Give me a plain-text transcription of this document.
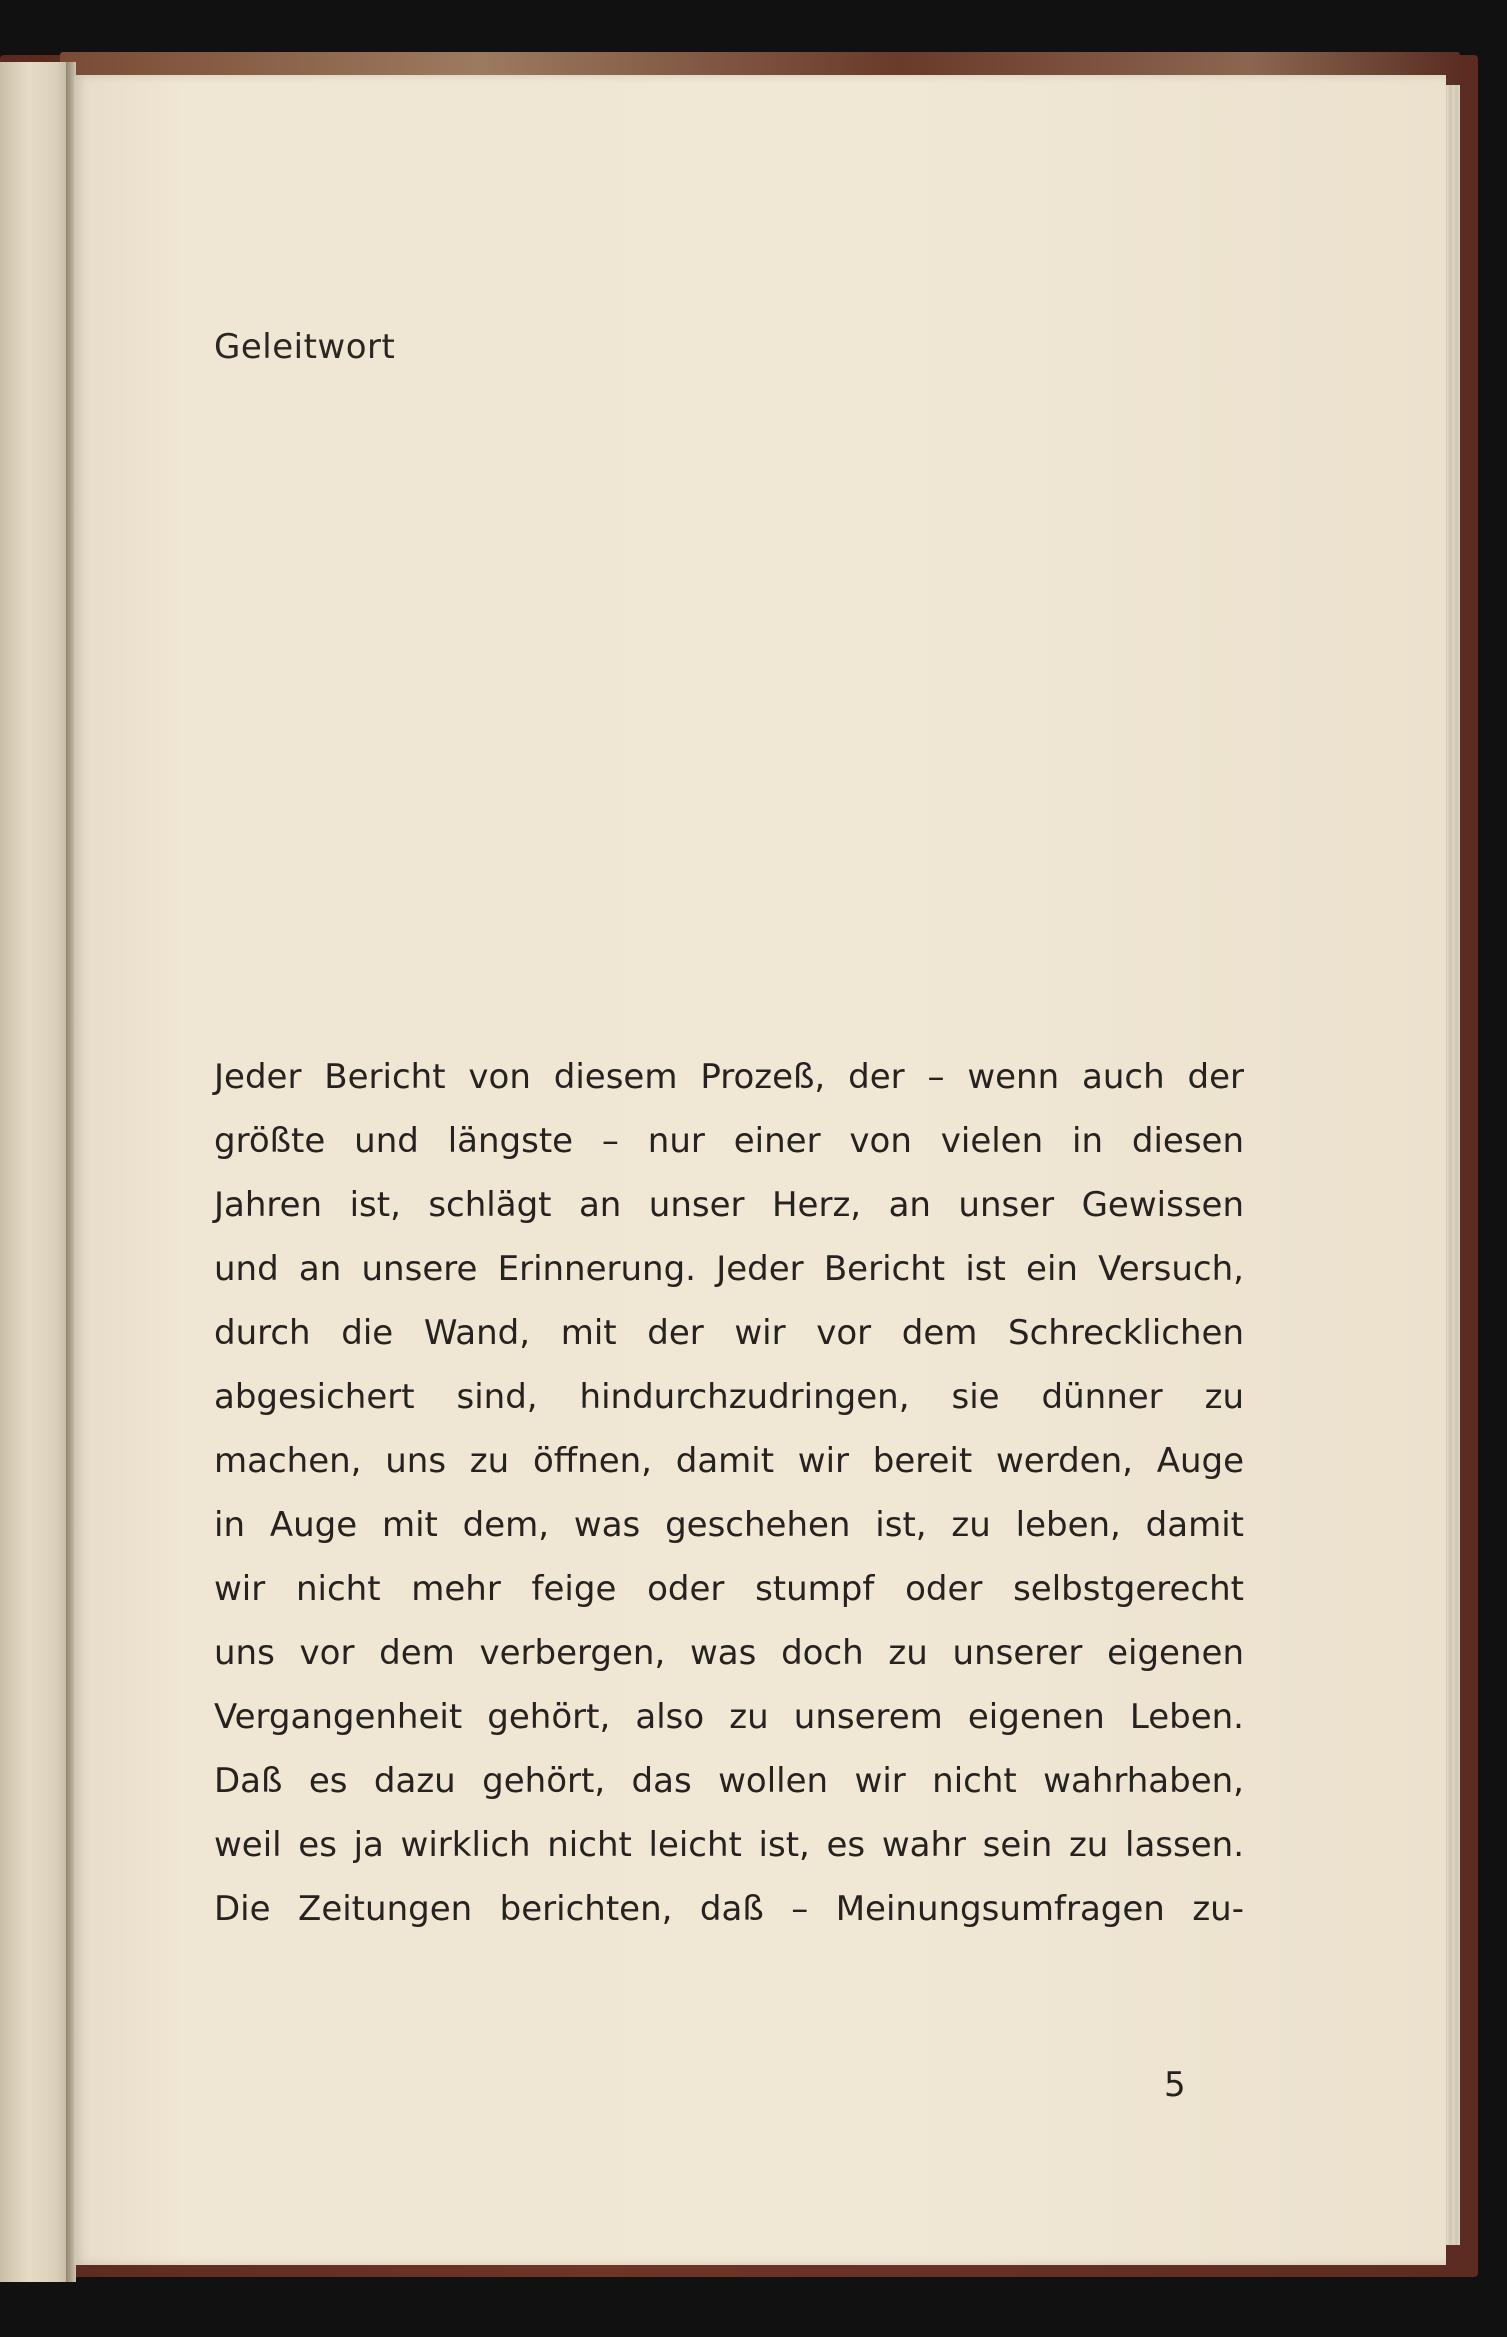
Geleitwort
Jeder Bericht von diesem Prozeß, der – wenn auch der
größte und längste – nur einer von vielen in diesen
Jahren ist, schlägt an unser Herz, an unser Gewissen
und an unsere Erinnerung. Jeder Bericht ist ein Versuch,
durch die Wand, mit der wir vor dem Schrecklichen
abgesichert sind, hindurchzudringen, sie dünner zu
machen, uns zu öffnen, damit wir bereit werden, Auge
in Auge mit dem, was geschehen ist, zu leben, damit
wir nicht mehr feige oder stumpf oder selbstgerecht
uns vor dem verbergen, was doch zu unserer eigenen
Vergangenheit gehört, also zu unserem eigenen Leben.
Daß es dazu gehört, das wollen wir nicht wahrhaben,
weil es ja wirklich nicht leicht ist, es wahr sein zu lassen.
Die Zeitungen berichten, daß – Meinungsumfragen zu-
5
